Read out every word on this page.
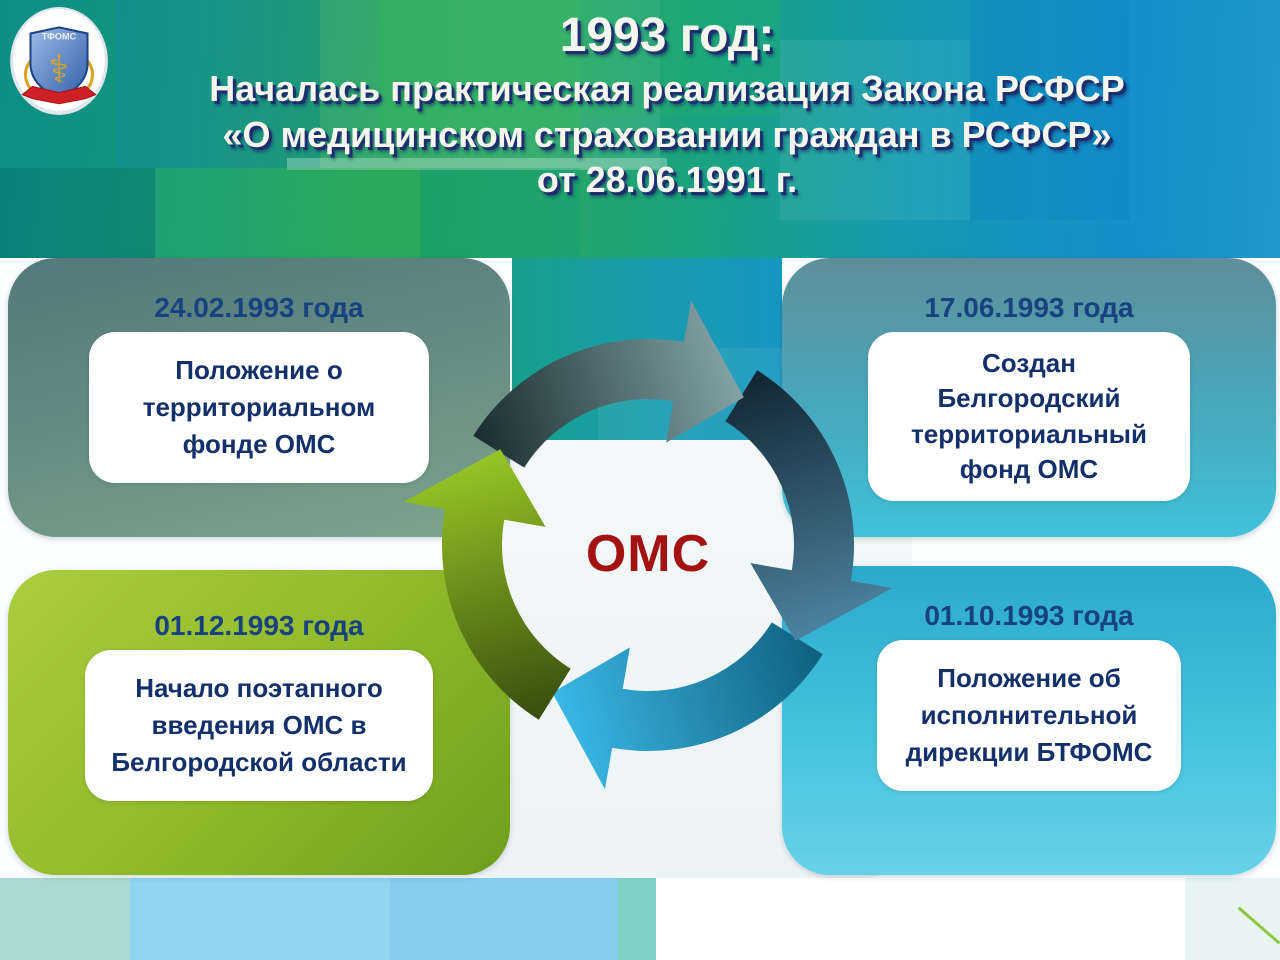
ТФОМС
⚕
1993 год:
Началась практическая реализация Закона РСФСР
«О медицинском страховании граждан в РСФСР»
от 28.06.1991 г.
24.02.1993 года
Положение о территориальном фонде ОМС
17.06.1993 года
Создан Белгородский территориальный фонд ОМС
01.12.1993 года
Начало поэтапного введения ОМС в Белгородской области
01.10.1993 года
Положение об исполнительной дирекции БТФОМС
ОМС
